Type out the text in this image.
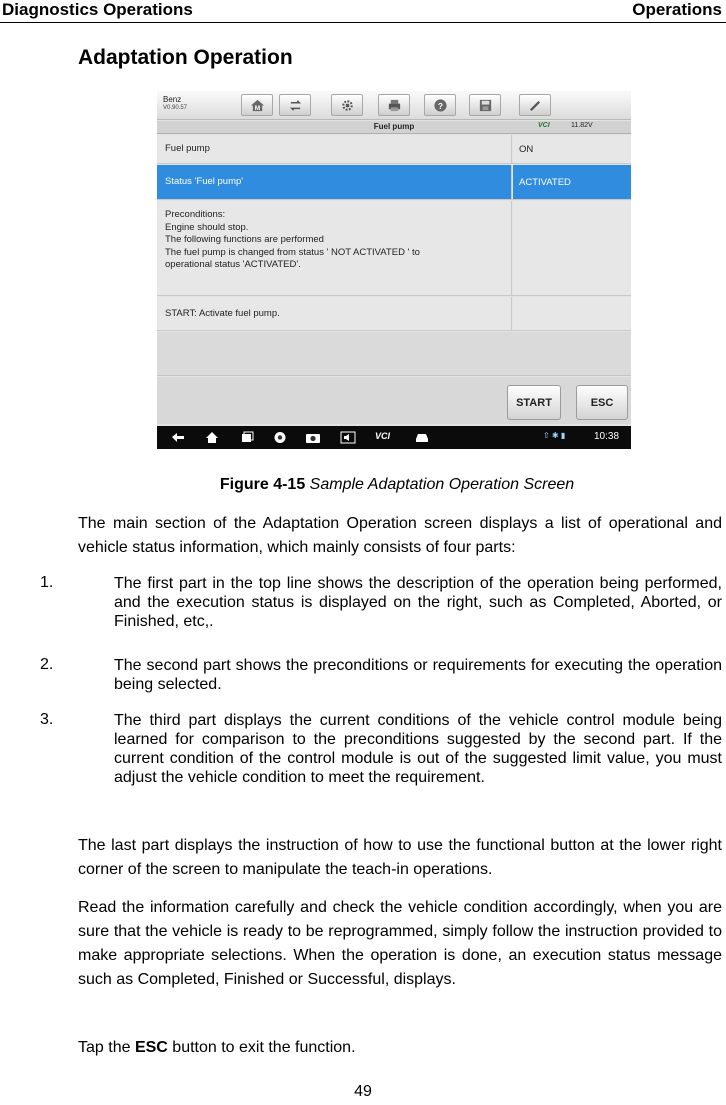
Diagnostics Operations	Operations
Adaptation Operation
Benz
V0.90.57	M	?
Fuel pump	VCI	11.82V
Fuel pump	ON
Status 'Fuel pump'	ACTIVATED
Preconditions:
Engine should stop.
The following functions are performed
The fuel pump is changed from status ' NOT ACTIVATED ' to
operational status 'ACTIVATED'.
START: Activate fuel pump.
START	ESC
VCI	⇧ ✱ ▮	10:38
Figure 4-15 Sample Adaptation Operation Screen
The main section of the Adaptation Operation screen displays a list of operational and vehicle status information, which mainly consists of four parts:
1.	The first part in the top line shows the description of the operation being performed, and the execution status is displayed on the right, such as Completed, Aborted, or Finished, etc,.
2.	The second part shows the preconditions or requirements for executing the operation being selected.
3.	The third part displays the current conditions of the vehicle control module being learned for comparison to the preconditions suggested by the second part. If the current condition of the control module is out of the suggested limit value, you must adjust the vehicle condition to meet the requirement.
The last part displays the instruction of how to use the functional button at the lower right corner of the screen to manipulate the teach-in operations.
Read the information carefully and check the vehicle condition accordingly, when you are sure that the vehicle is ready to be reprogrammed, simply follow the instruction provided to make appropriate selections. When the operation is done, an execution status message such as Completed, Finished or Successful, displays.
Tap the ESC button to exit the function.
49
